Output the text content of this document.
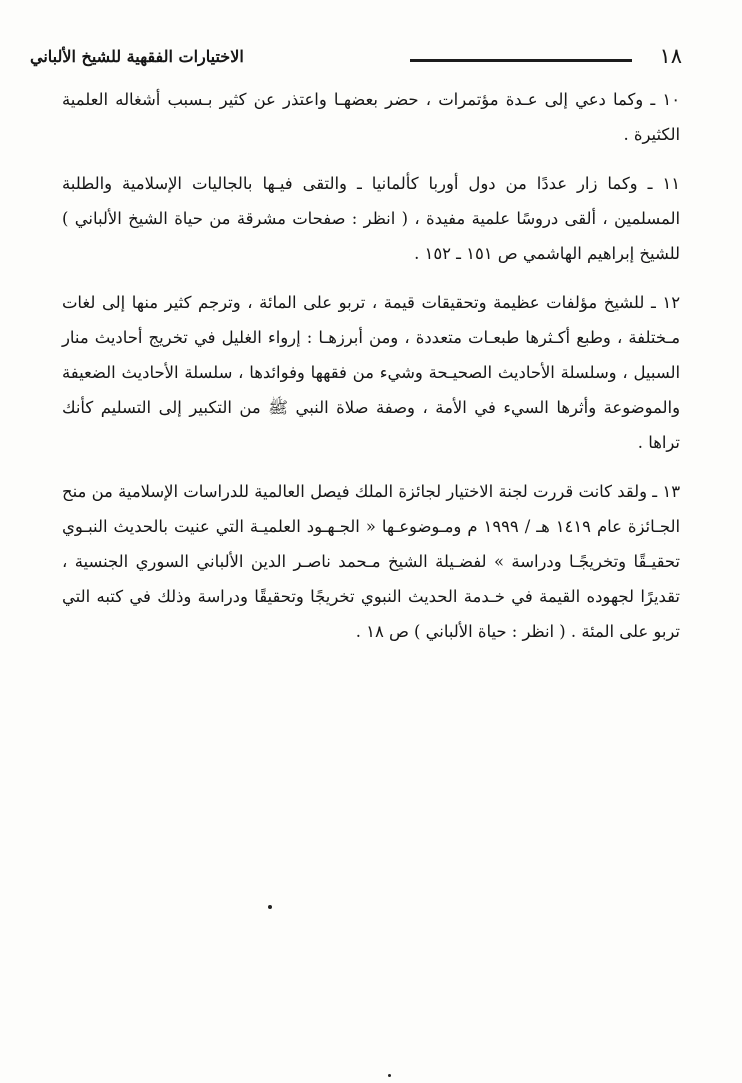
١٨
الاختيارات الفقهية للشيخ الألباني

١٠ ـ وكما دعي إلى عـدة مؤتمرات ، حضر بعضهـا واعتذر عن كثير بـسبب أشغاله العلمية الكثيرة .

١١ ـ وكما زار عددًا من دول أوربا كألمانيا ـ والتقى فيـها بالجاليات الإسلامية والطلبة المسلمين ، ألقى دروسًا علمية مفيدة ، ( انظر : صفحات مشرقة من حياة الشيخ الألباني ) للشيخ إبراهيم الهاشمي ص ١٥١ ـ ١٥٢ .

١٢ ـ للشيخ مؤلفات عظيمة وتحقيقات قيمة ، تربو على المائة ، وترجم كثير منها إلى لغات مـختلفة ، وطبع أكـثرها طبعـات متعددة ، ومن أبرزهـا : إرواء الغليل في تخريج أحاديث منار السبيل ، وسلسلة الأحاديث الصحيـحة وشيء من فقهها وفوائدها ، سلسلة الأحاديث الضعيفة والموضوعة وأثرها السيء في الأمة ، وصفة صلاة النبي ﷺ من التكبير إلى التسليم كأنك تراها .

١٣ ـ ولقد كانت قررت لجنة الاختيار لجائزة الملك فيصل العالمية للدراسات الإسلامية من منح الجـائزة عام ١٤١٩ هـ / ١٩٩٩ م ومـوضوعـها « الجـهـود العلميـة التي عنيت بالحديث النبـوي تحقيـقًا وتخريجًـا ودراسة » لفضـيلة الشيخ مـحمد ناصـر الدين الألباني السوري الجنسية ، تقديرًا لجهوده القيمة في خـدمة الحديث النبوي تخريجًا وتحقيقًا ودراسة وذلك في كتبه التي تربو على المئة . ( انظر : حياة الألباني ) ص ١٨ .
